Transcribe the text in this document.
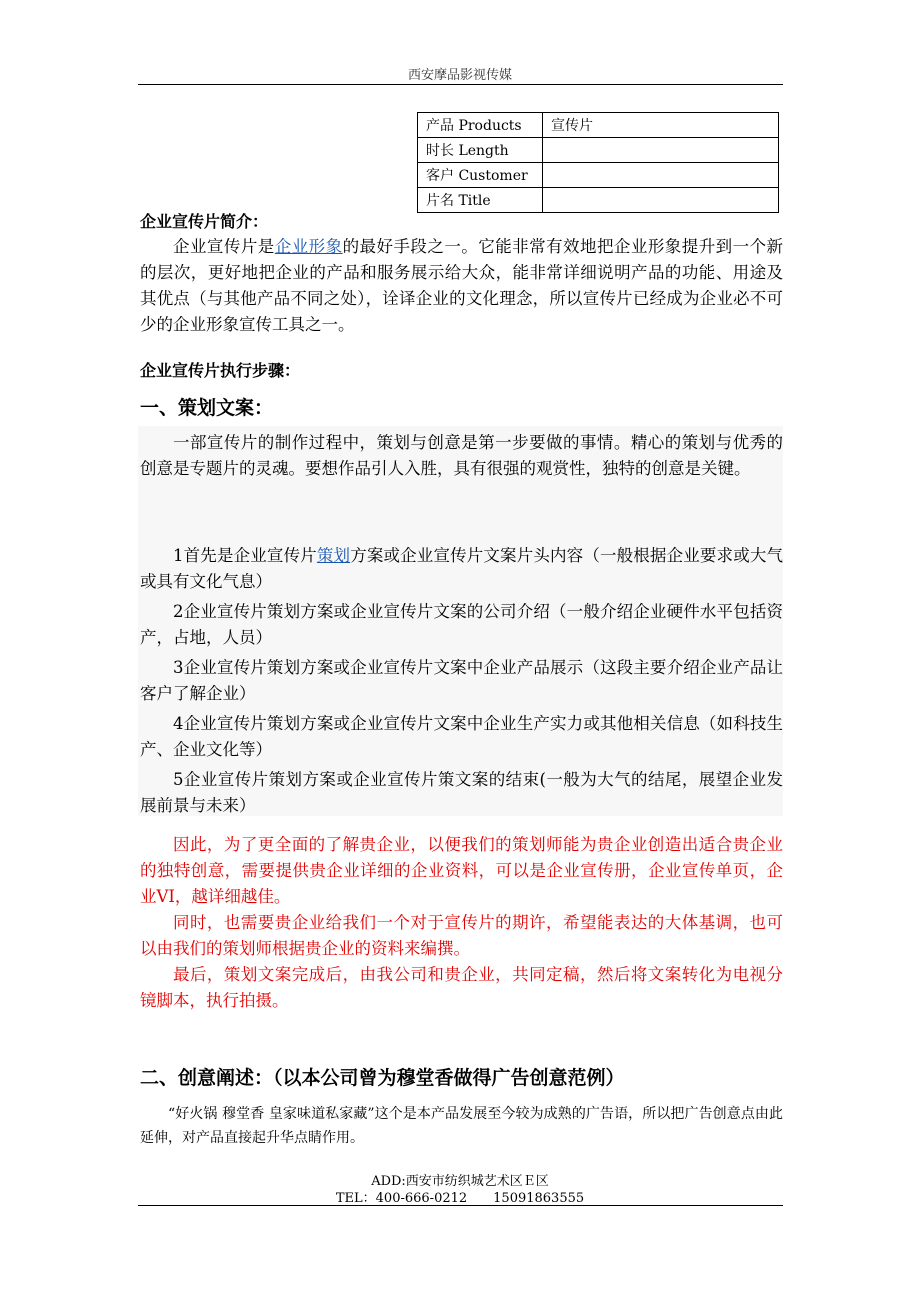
西安摩品影视传媒
产品 Products	宣传片
时长 Length	
客户 Customer	
片名 Title	
企业宣传片简介：

企业宣传片是企业形象的最好手段之一。它能非常有效地把企业形象提升到一个新的层次，更好地把企业的产品和服务展示给大众，能非常详细说明产品的功能、用途及其优点（与其他产品不同之处），诠译企业的文化理念，所以宣传片已经成为企业必不可少的企业形象宣传工具之一。

企业宣传片执行步骤：
一、策划文案：

一部宣传片的制作过程中，策划与创意是第一步要做的事情。精心的策划与优秀的创意是专题片的灵魂。要想作品引人入胜，具有很强的观赏性，独特的创意是关键。

1首先是企业宣传片策划方案或企业宣传片文案片头内容（一般根据企业要求或大气或具有文化气息）

2企业宣传片策划方案或企业宣传片文案的公司介绍（一般介绍企业硬件水平包括资产，占地，人员）

3企业宣传片策划方案或企业宣传片文案中企业产品展示（这段主要介绍企业产品让客户了解企业）

4企业宣传片策划方案或企业宣传片文案中企业生产实力或其他相关信息（如科技生产、企业文化等）

5企业宣传片策划方案或企业宣传片策文案的结束(一般为大气的结尾，展望企业发展前景与未来）

因此，为了更全面的了解贵企业，以便我们的策划师能为贵企业创造出适合贵企业的独特创意，需要提供贵企业详细的企业资料，可以是企业宣传册，企业宣传单页，企业VI，越详细越佳。

同时，也需要贵企业给我们一个对于宣传片的期许，希望能表达的大体基调，也可以由我们的策划师根据贵企业的资料来编撰。

最后，策划文案完成后，由我公司和贵企业，共同定稿，然后将文案转化为电视分镜脚本，执行拍摄。

二、创意阐述：（以本公司曾为穆堂香做得广告创意范例）

“好火锅 穆堂香 皇家味道私家藏”这个是本产品发展至今较为成熟的广告语，所以把广告创意点由此延伸，对产品直接起升华点睛作用。

ADD:西安市纺织城艺术区Ｅ区
TEL：400-666-0212　　15091863555
